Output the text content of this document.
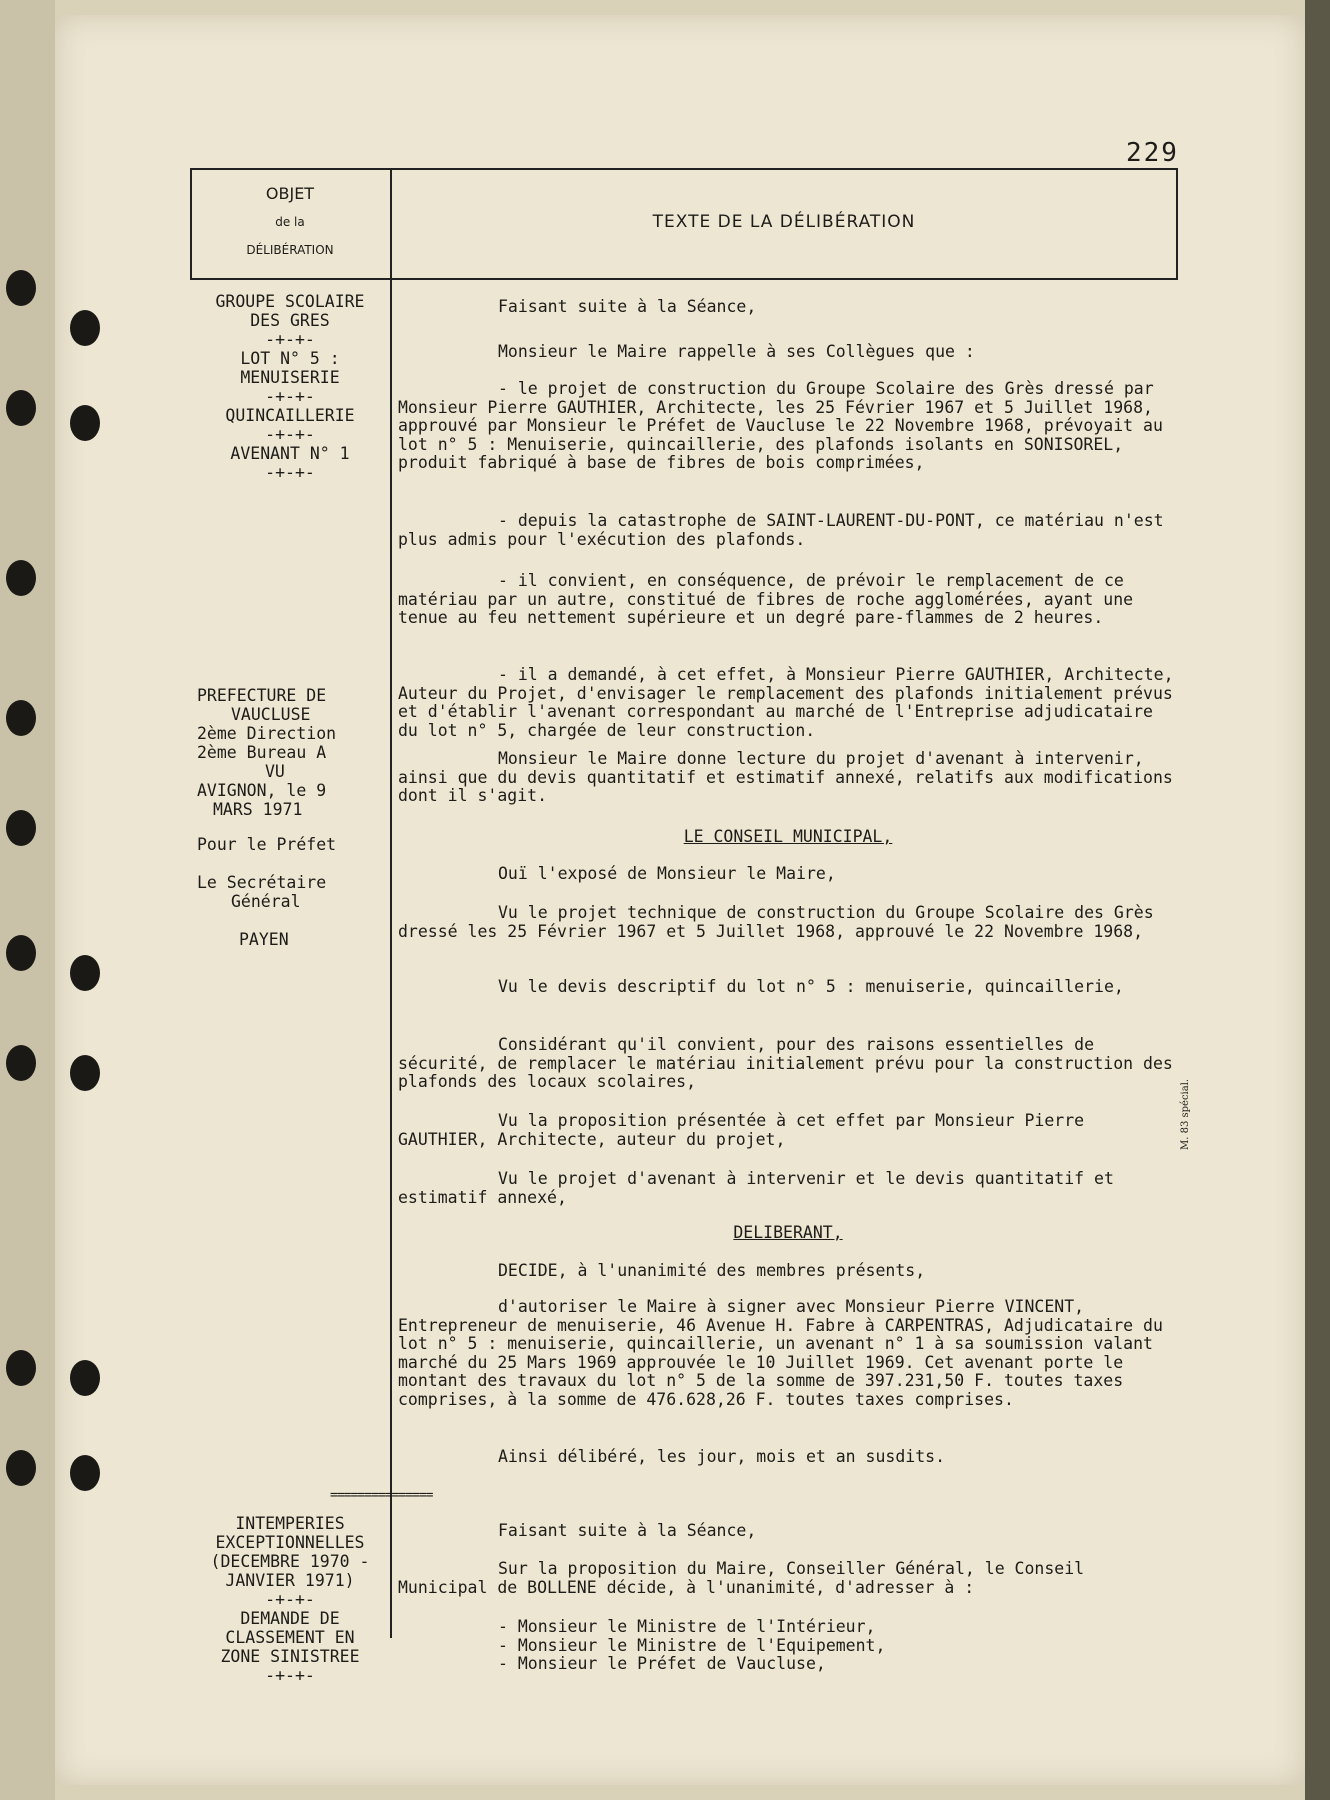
229
OBJET
de la
DÉLIBÉRATION
TEXTE DE LA DÉLIBÉRATION
GROUPE SCOLAIRE
DES GRES
-+-+-
LOT N° 5 :
MENUISERIE
-+-+-
QUINCAILLERIE
-+-+-
AVENANT N° 1
-+-+-
PREFECTURE DE
VAUCLUSE
2ème Direction
2ème Bureau A
VU
AVIGNON, le 9
MARS 1971
Pour le Préfet
Le Secrétaire
Général
PAYEN
===============
INTEMPERIES
EXCEPTIONNELLES
(DECEMBRE 1970 -
JANVIER 1971)
-+-+-
DEMANDE DE
CLASSEMENT EN
ZONE SINISTREE
-+-+-

Faisant suite à la Séance,

Monsieur le Maire rappelle à ses Collègues que :

- le projet de construction du Groupe Scolaire des Grès dressé par Monsieur Pierre GAUTHIER, Architecte, les 25 Février 1967 et 5 Juillet 1968, approuvé par Monsieur le Préfet de Vaucluse le 22 Novembre 1968, prévoyait au lot n° 5 : Menuiserie, quincaillerie, des plafonds isolants en SONISOREL, produit fabriqué à base de fibres de bois comprimées,

- depuis la catastrophe de SAINT-LAURENT-DU-PONT, ce matériau n'est plus admis pour l'exécution des plafonds.

- il convient, en conséquence, de prévoir le remplacement de ce matériau par un autre, constitué de fibres de roche agglomérées, ayant une tenue au feu nettement supérieure et un degré pare-flammes de 2 heures.

- il a demandé, à cet effet, à Monsieur Pierre GAUTHIER, Architecte, Auteur du Projet, d'envisager le remplacement des plafonds initialement prévus et d'établir l'avenant correspondant au marché de l'Entreprise adjudicataire du lot n° 5, chargée de leur construction.

Monsieur le Maire donne lecture du projet d'avenant à intervenir, ainsi que du devis quantitatif et estimatif annexé, relatifs aux modifications dont il s'agit.

LE CONSEIL MUNICIPAL,

Ouï l'exposé de Monsieur le Maire,

Vu le projet technique de construction du Groupe Scolaire des Grès dressé les 25 Février 1967 et 5 Juillet 1968, approuvé le 22 Novembre 1968,

Vu le devis descriptif du lot n° 5 : menuiserie, quincaillerie,

Considérant qu'il convient, pour des raisons essentielles de sécurité, de remplacer le matériau initialement prévu pour la construction des plafonds des locaux scolaires,

Vu la proposition présentée à cet effet par Monsieur Pierre GAUTHIER, Architecte, auteur du projet,

Vu le projet d'avenant à intervenir et le devis quantitatif et estimatif annexé,

DELIBERANT,

DECIDE, à l'unanimité des membres présents,

d'autoriser le Maire à signer avec Monsieur Pierre VINCENT, Entrepreneur de menuiserie, 46 Avenue H. Fabre à CARPENTRAS, Adjudicataire du lot n° 5 : menuiserie, quincaillerie, un avenant n° 1 à sa soumission valant marché du 25 Mars 1969 approuvée le 10 Juillet 1969. Cet avenant porte le montant des travaux du lot n° 5 de la somme de 397.231,50 F. toutes taxes comprises, à la somme de 476.628,26 F. toutes taxes comprises.

Ainsi délibéré, les jour, mois et an susdits.

Faisant suite à la Séance,

Sur la proposition du Maire, Conseiller Général, le Conseil Municipal de BOLLENE décide, à l'unanimité, d'adresser à :

- Monsieur le Ministre de l'Intérieur,
- Monsieur le Ministre de l'Equipement,
- Monsieur le Préfet de Vaucluse,
M. 83 spécial.
